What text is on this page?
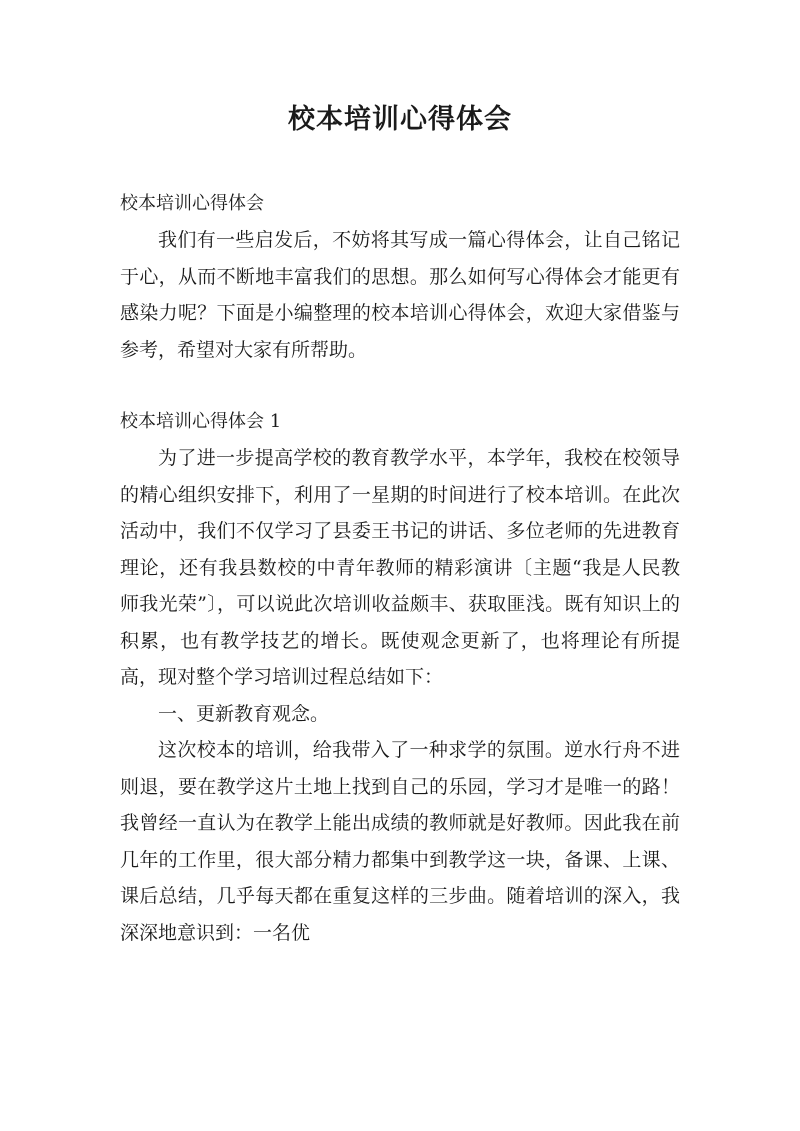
校本培训心得体会

校本培训心得体会

我们有一些启发后，不妨将其写成一篇心得体会，让自己铭记于心，从而不断地丰富我们的思想。那么如何写心得体会才能更有感染力呢？下面是小编整理的校本培训心得体会，欢迎大家借鉴与参考，希望对大家有所帮助。

校本培训心得体会 1

为了进一步提高学校的教育教学水平，本学年，我校在校领导的精心组织安排下，利用了一星期的时间进行了校本培训。在此次活动中，我们不仅学习了县委王书记的讲话、多位老师的先进教育理论，还有我县数校的中青年教师的精彩演讲〔主题“我是人民教师我光荣”〕，可以说此次培训收益颇丰、获取匪浅。既有知识上的积累，也有教学技艺的增长。既使观念更新了，也将理论有所提高，现对整个学习培训过程总结如下：

一、更新教育观念。

这次校本的培训，给我带入了一种求学的氛围。逆水行舟不进则退，要在教学这片土地上找到自己的乐园，学习才是唯一的路！我曾经一直认为在教学上能出成绩的教师就是好教师。因此我在前几年的工作里，很大部分精力都集中到教学这一块，备课、上课、课后总结，几乎每天都在重复这样的三步曲。随着培训的深入，我深深地意识到：一名优
